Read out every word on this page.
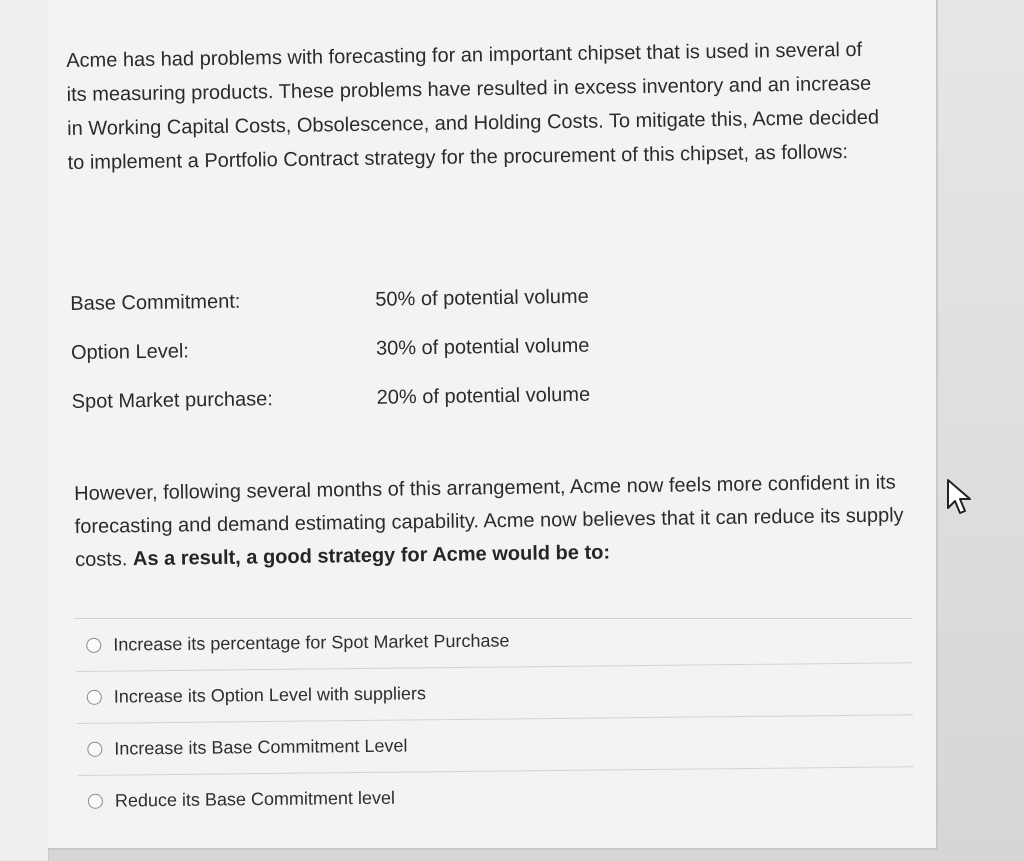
Acme has had problems with forecasting for an important chipset that is used in several of its measuring products. These problems have resulted in excess inventory and an increase in Working Capital Costs, Obsolescence, and Holding Costs. To mitigate this, Acme decided to implement a Portfolio Contract strategy for the procurement of this chipset, as follows:
Base Commitment:	50% of potential volume
Option Level:	30% of potential volume
Spot Market purchase:	20% of potential volume
However, following several months of this arrangement, Acme now feels more confident in its forecasting and demand estimating capability. Acme now believes that it can reduce its supply costs. As a result, a good strategy for Acme would be to:
Increase its percentage for Spot Market Purchase
Increase its Option Level with suppliers
Increase its Base Commitment Level
Reduce its Base Commitment level
